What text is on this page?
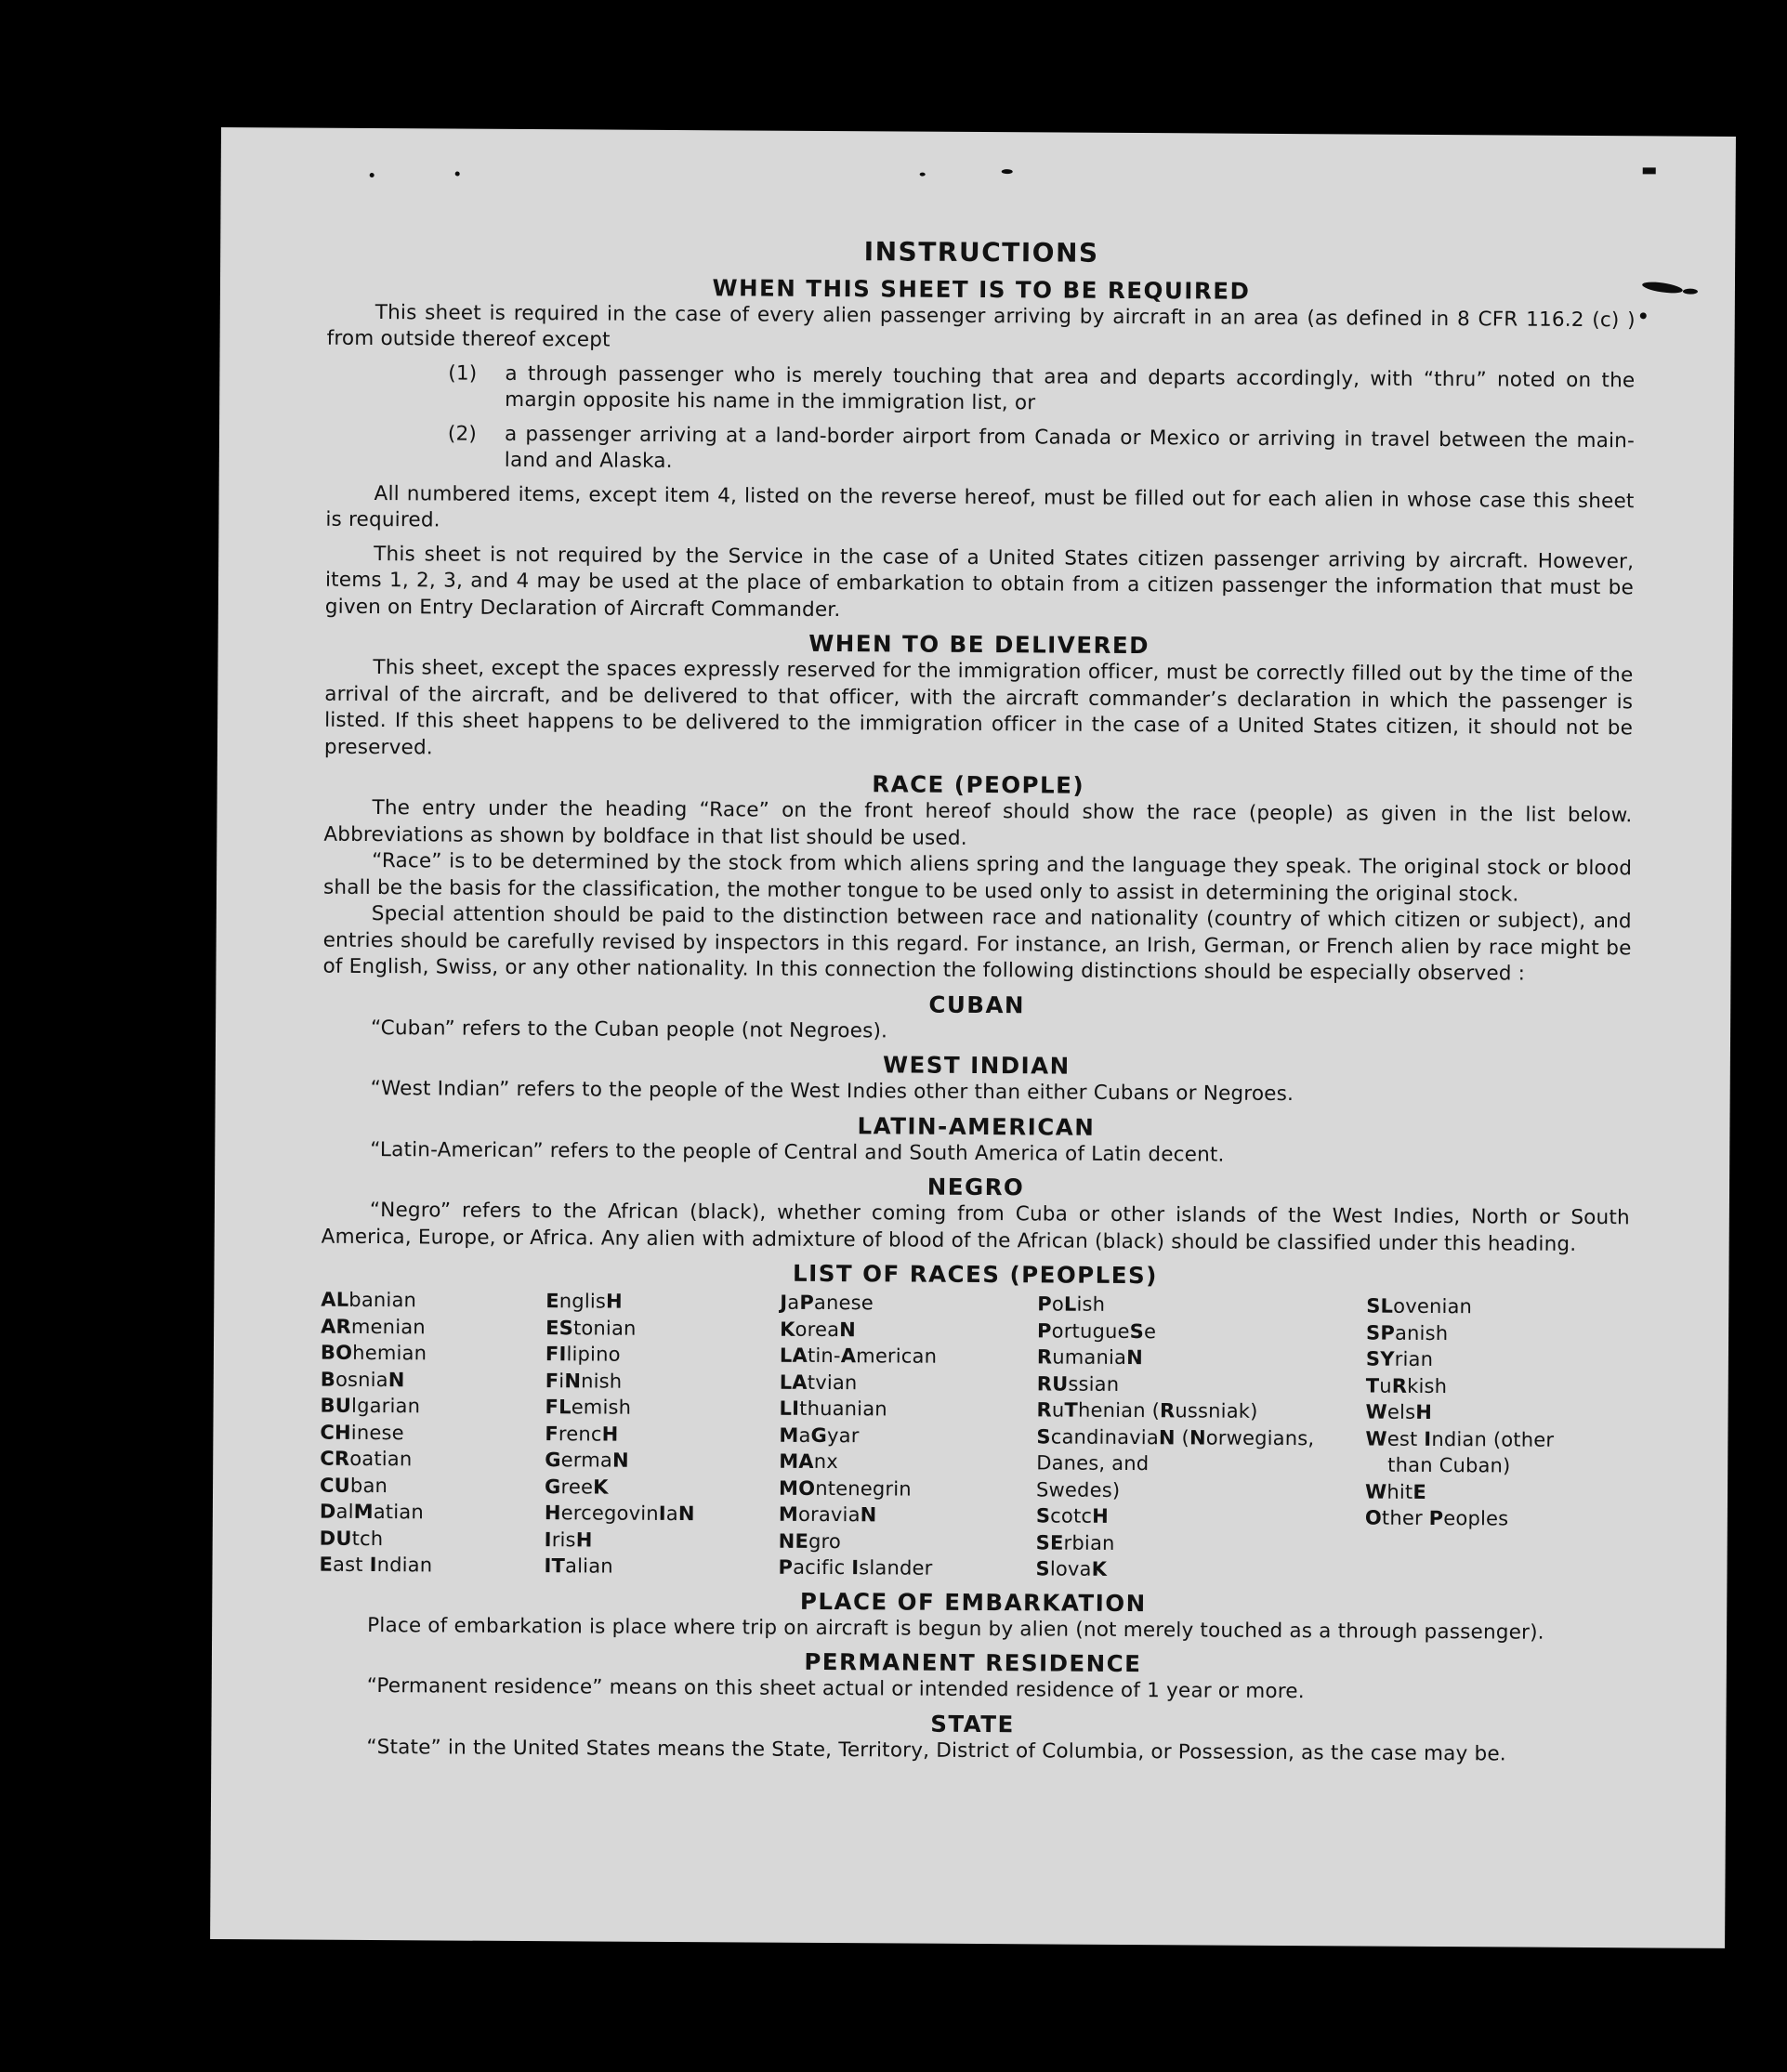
INSTRUCTIONS
WHEN THIS SHEET IS TO BE REQUIRED

This sheet is required in the case of every alien passenger arriving by aircraft in an area (as defined in 8 CFR 116.2 (c) ) from outside thereof except

(1)	a through passenger who is merely touching that area and departs accordingly, with “thru” noted on the margin opposite his name in the immigration list, or
(2)	a passenger arriving at a land-border airport from Canada or Mexico or arriving in travel between the main-land and Alaska.

All numbered items, except item 4, listed on the reverse hereof, must be filled out for each alien in whose case this sheet is required.

This sheet is not required by the Service in the case of a United States citizen passenger arriving by aircraft. However, items 1, 2, 3, and 4 may be used at the place of embarkation to obtain from a citizen passenger the information that must be given on Entry Declaration of Aircraft Commander.

WHEN TO BE DELIVERED

This sheet, except the spaces expressly reserved for the immigration officer, must be correctly filled out by the time of the arrival of the aircraft, and be delivered to that officer, with the aircraft commander’s declaration in which the passenger is listed. If this sheet happens to be delivered to the immigration officer in the case of a United States citizen, it should not be preserved.

RACE (PEOPLE)

The entry under the heading “Race” on the front hereof should show the race (people) as given in the list below. Abbreviations as shown by boldface in that list should be used.

“Race” is to be determined by the stock from which aliens spring and the language they speak. The original stock or blood shall be the basis for the classification, the mother tongue to be used only to assist in determining the original stock.

Special attention should be paid to the distinction between race and nationality (country of which citizen or subject), and entries should be carefully revised by inspectors in this regard. For instance, an Irish, German, or French alien by race might be of English, Swiss, or any other nationality. In this connection the following distinctions should be especially observed :

CUBAN

“Cuban” refers to the Cuban people (not Negroes).

WEST INDIAN

“West Indian” refers to the people of the West Indies other than either Cubans or Negroes.

LATIN-AMERICAN

“Latin-American” refers to the people of Central and South America of Latin decent.

NEGRO

“Negro” refers to the African (black), whether coming from Cuba or other islands of the West Indies, North or South America, Europe, or Africa. Any alien with admixture of blood of the African (black) should be classified under this heading.

LIST OF RACES (PEOPLES)
ALbanian
ARmenian
BOhemian
BosniaN
BUlgarian
CHinese
CRoatian
CUban
DalMatian
DUtch
East Indian
EnglisH
EStonian
FIlipino
FiNnish
FLemish
FrencH
GermaN
GreeK
HercegovinIaN
IrisH
ITalian
JaPanese
KoreaN
LAtin-American
LAtvian
LIthuanian
MaGyar
MAnx
MOntenegrin
MoraviaN
NEgro
Pacific Islander
PoLish
PortugueSe
RumaniaN
RUssian
RuThenian (Russniak)
ScandinaviaN (Norwegians,
Danes, and
Swedes)
ScotcH
SErbian
SlovaK
SLovenian
SPanish
SYrian
TuRkish
WelsH
West Indian (other
than Cuban)
WhitE
Other Peoples
PLACE OF EMBARKATION

Place of embarkation is place where trip on aircraft is begun by alien (not merely touched as a through passenger).

PERMANENT RESIDENCE

“Permanent residence” means on this sheet actual or intended residence of 1 year or more.

STATE

“State” in the United States means the State, Territory, District of Columbia, or Possession, as the case may be.
